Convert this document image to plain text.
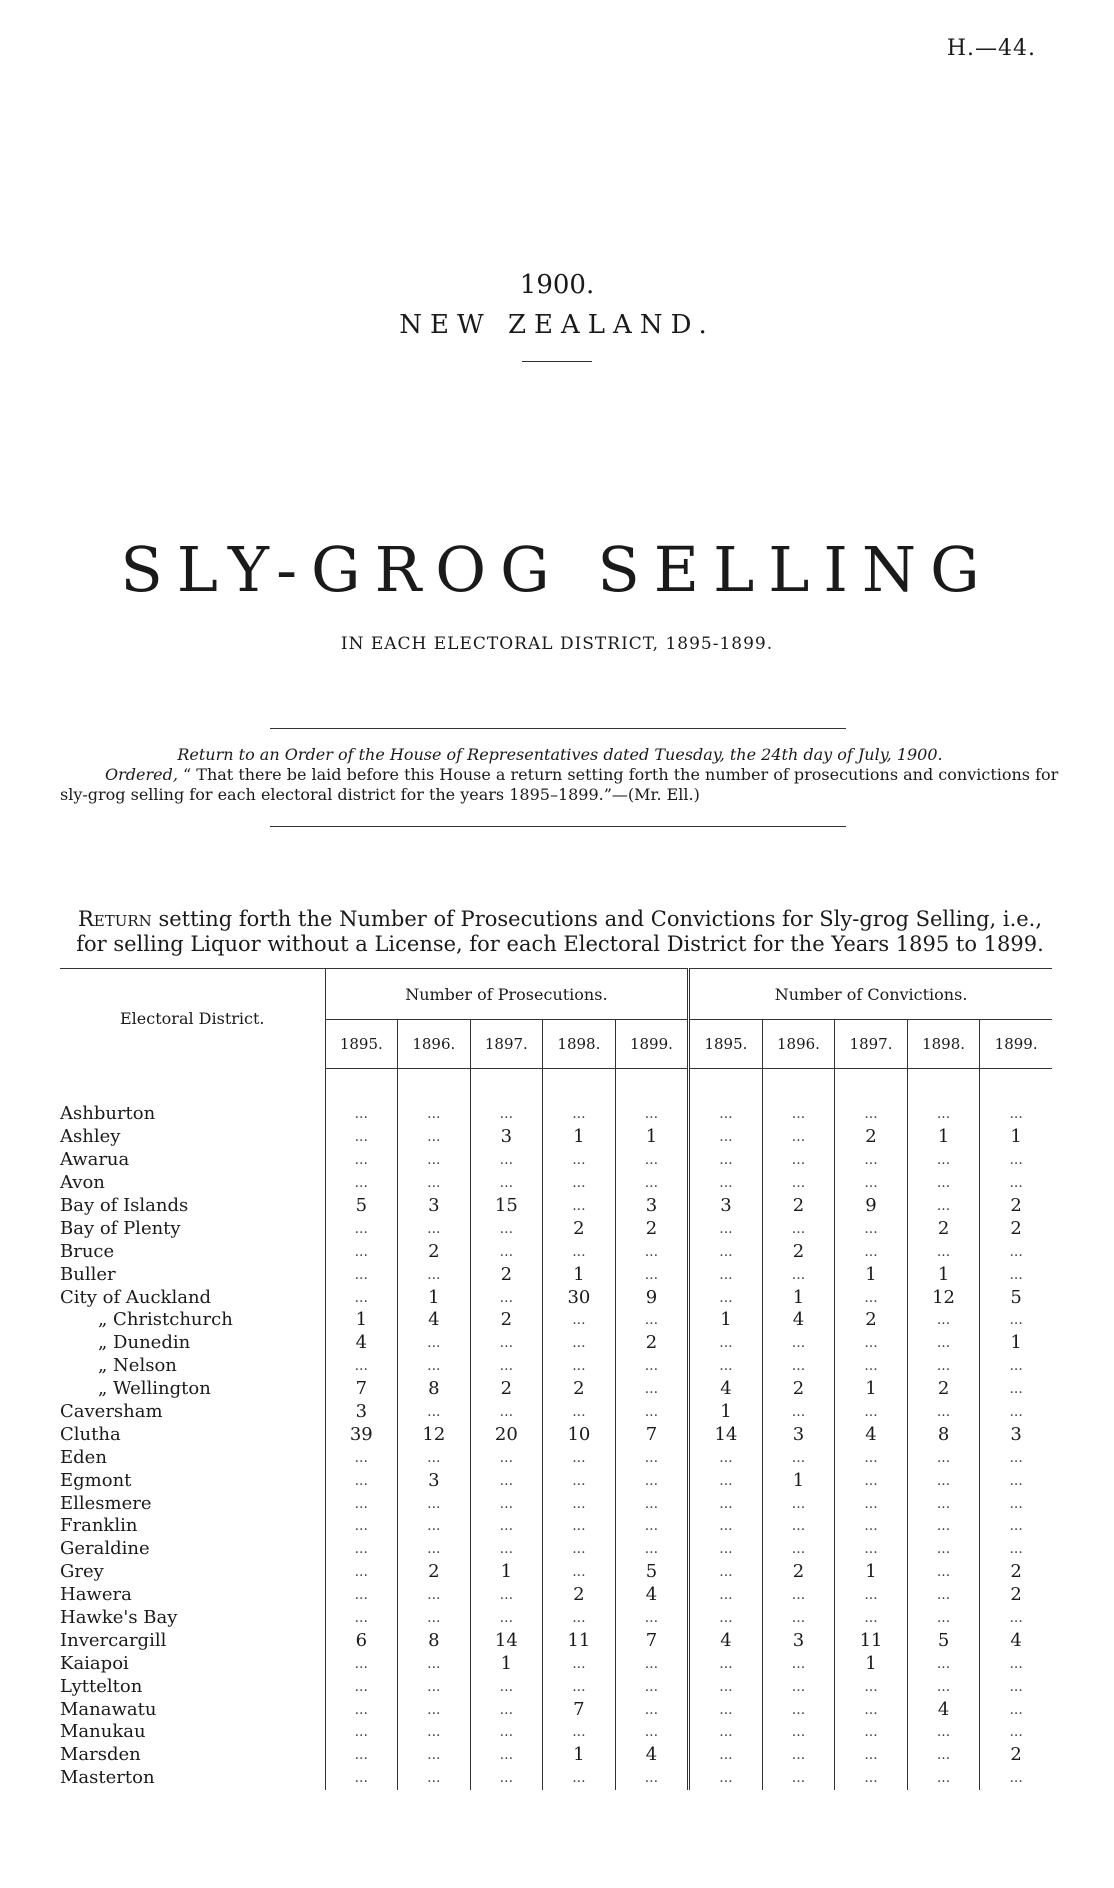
H.—44.
1900.
NEW ZEALAND.
SLY-GROG SELLING
IN EACH ELECTORAL DISTRICT, 1895-1899.
Return to an Order of the House of Representatives dated Tuesday, the 24th day of July, 1900.
Ordered, “ That there be laid before this House a return setting forth the number of prosecutions and convictions for sly-grog selling for each electoral district for the years 1895–1899.”—(Mr. Ell.)
Return setting forth the Number of Prosecutions and Convictions for Sly-grog Selling, i.e., for selling Liquor without a License, for each Electoral District for the Years 1895 to 1899.
Electoral District.	Number of Prosecutions.					Number of Convictions.				
	1895.	1896.	1897.	1898.	1899.	1895.	1896.	1897.	1898.	1899.

Ashburton	...	...	...	...	...	...	...	...	...	...
Ashley	...	...	3	1	1	...	...	2	1	1
Awarua	...	...	...	...	...	...	...	...	...	...
Avon	...	...	...	...	...	...	...	...	...	...
Bay of Islands	5	3	15	...	3	3	2	9	...	2
Bay of Plenty	...	...	...	2	2	...	...	...	2	2
Bruce	...	2	...	...	...	...	2	...	...	...
Buller	...	...	2	1	...	...	...	1	1	...
City of Auckland	...	1	...	30	9	...	1	...	12	5
„ Christchurch	1	4	2	...	...	1	4	2	...	...
„ Dunedin	4	...	...	...	2	...	...	...	...	1
„ Nelson	...	...	...	...	...	...	...	...	...	...
„ Wellington	7	8	2	2	...	4	2	1	2	...
Caversham	3	...	...	...	...	1	...	...	...	...
Clutha	39	12	20	10	7	14	3	4	8	3
Eden	...	...	...	...	...	...	...	...	...	...
Egmont	...	3	...	...	...	...	1	...	...	...
Ellesmere	...	...	...	...	...	...	...	...	...	...
Franklin	...	...	...	...	...	...	...	...	...	...
Geraldine	...	...	...	...	...	...	...	...	...	...
Grey	...	2	1	...	5	...	2	1	...	2
Hawera	...	...	...	2	4	...	...	...	...	2
Hawke's Bay	...	...	...	...	...	...	...	...	...	...
Invercargill	6	8	14	11	7	4	3	11	5	4
Kaiapoi	...	...	1	...	...	...	...	1	...	...
Lyttelton	...	...	...	...	...	...	...	...	...	...
Manawatu	...	...	...	7	...	...	...	...	4	...
Manukau	...	...	...	...	...	...	...	...	...	...
Marsden	...	...	...	1	4	...	...	...	...	2
Masterton	...	...	...	...	...	...	...	...	...	...
